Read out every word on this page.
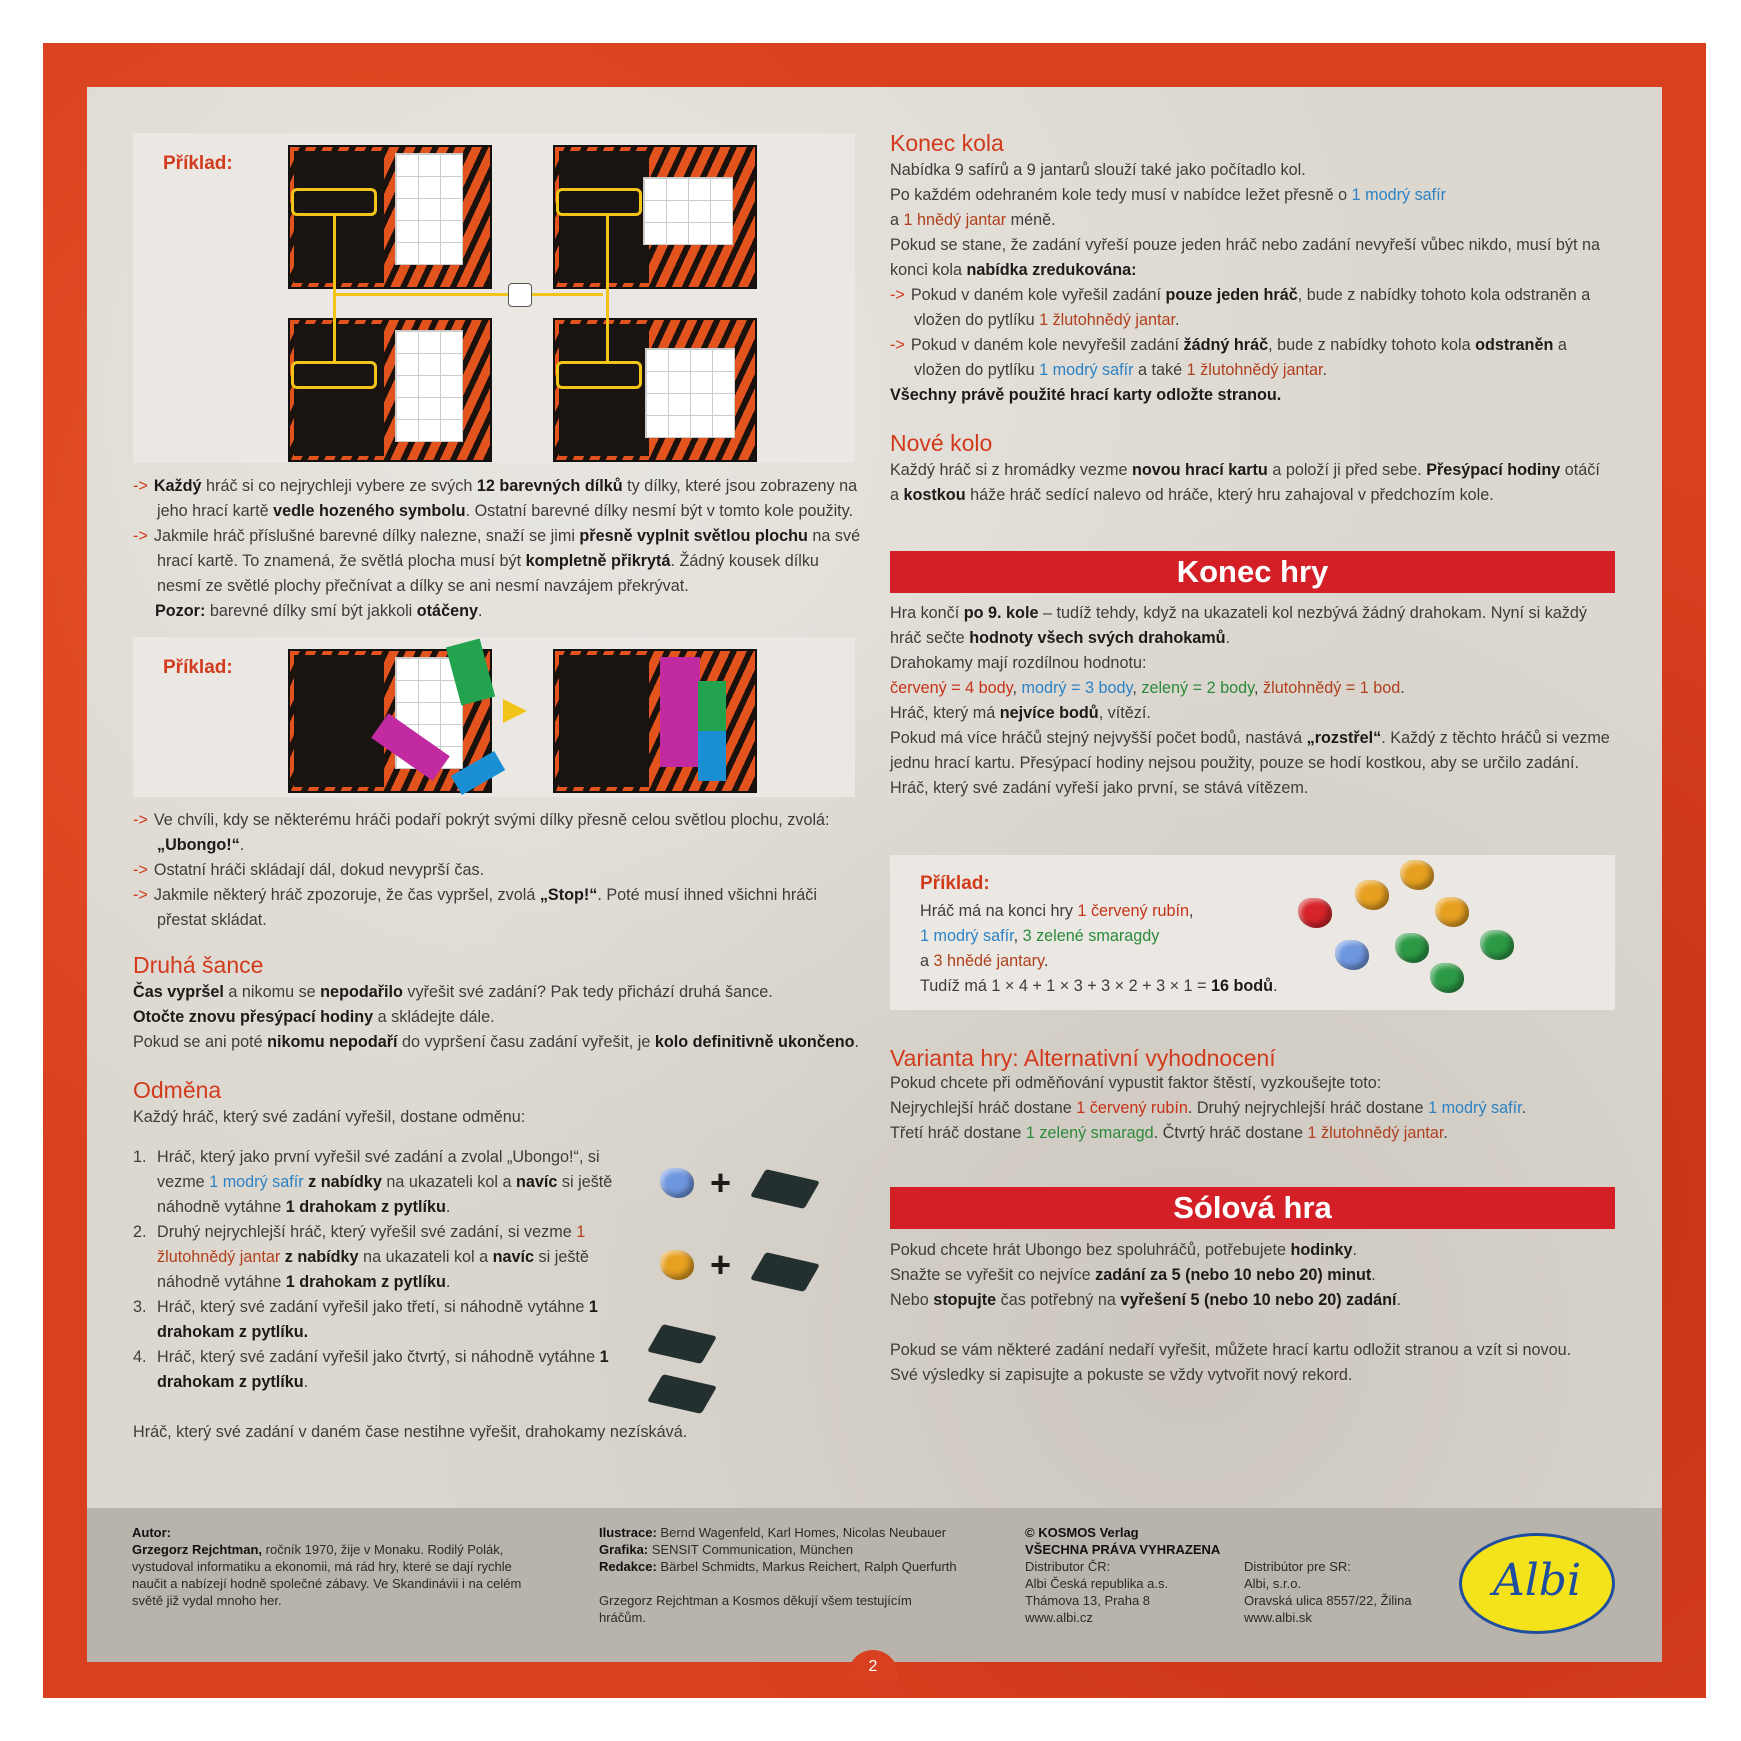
Příklad:
-> Každý hráč si co nejrychleji vybere ze svých 12 barevných dílků ty dílky, které jsou zobrazeny na jeho hrací kartě vedle hozeného symbolu. Ostatní barevné dílky nesmí být v tomto kole použity.
-> Jakmile hráč příslušné barevné dílky nalezne, snaží se jimi přesně vyplnit světlou plochu na své hrací kartě. To znamená, že světlá plocha musí být kompletně přikrytá. Žádný kousek dílku nesmí ze světlé plochy přečnívat a dílky se ani nesmí navzájem překrývat.
Pozor: barevné dílky smí být jakkoli otáčeny.
Příklad:
-> Ve chvíli, kdy se některému hráči podaří pokrýt svými dílky přesně celou světlou plochu, zvolá: „Ubongo!“.
-> Ostatní hráči skládají dál, dokud nevyprší čas.
-> Jakmile některý hráč zpozoruje, že čas vypršel, zvolá „Stop!“. Poté musí ihned všichni hráči přestat skládat.
Druhá šance
Čas vypršel a nikomu se nepodařilo vyřešit své zadání? Pak tedy přichází druhá šance.
Otočte znovu přesýpací hodiny a skládejte dále.
Pokud se ani poté nikomu nepodaří do vypršení času zadání vyřešit, je kolo definitivně ukončeno.
Odměna
Každý hráč, který své zadání vyřešil, dostane odměnu:
1. Hráč, který jako první vyřešil své zadání a zvolal „Ubongo!“, si vezme 1 modrý safír z nabídky na ukazateli kol a navíc si ještě náhodně vytáhne 1 drahokam z pytlíku.
2. Druhý nejrychlejší hráč, který vyřešil své zadání, si vezme 1 žlutohnědý jantar z nabídky na ukazateli kol a navíc si ještě náhodně vytáhne 1 drahokam z pytlíku.
3. Hráč, který své zadání vyřešil jako třetí, si náhodně vytáhne 1 drahokam z pytlíku.
4. Hráč, který své zadání vyřešil jako čtvrtý, si náhodně vytáhne 1 drahokam z pytlíku.
+
+
Hráč, který své zadání v daném čase nestihne vyřešit, drahokamy nezískává.
Konec kola
Nabídka 9 safírů a 9 jantarů slouží také jako počítadlo kol.
Po každém odehraném kole tedy musí v nabídce ležet přesně o 1 modrý safír
a 1 hnědý jantar méně.
Pokud se stane, že zadání vyřeší pouze jeden hráč nebo zadání nevyřeší vůbec nikdo, musí být na konci kola nabídka zredukována:
-> Pokud v daném kole vyřešil zadání pouze jeden hráč, bude z nabídky tohoto kola odstraněn a vložen do pytlíku 1 žlutohnědý jantar.
-> Pokud v daném kole nevyřešil zadání žádný hráč, bude z nabídky tohoto kola odstraněn a vložen do pytlíku 1 modrý safír a také 1 žlutohnědý jantar.
Všechny právě použité hrací karty odložte stranou.
Nové kolo
Každý hráč si z hromádky vezme novou hrací kartu a položí ji před sebe. Přesýpací hodiny otáčí a kostkou háže hráč sedící nalevo od hráče, který hru zahajoval v předchozím kole.
Konec hry
Hra končí po 9. kole – tudíž tehdy, když na ukazateli kol nezbývá žádný drahokam. Nyní si každý hráč sečte hodnoty všech svých drahokamů.
Drahokamy mají rozdílnou hodnotu:
červený = 4 body, modrý = 3 body, zelený = 2 body, žlutohnědý = 1 bod.
Hráč, který má nejvíce bodů, vítězí.
Pokud má více hráčů stejný nejvyšší počet bodů, nastává „rozstřel“. Každý z těchto hráčů si vezme jednu hrací kartu. Přesýpací hodiny nejsou použity, pouze se hodí kostkou, aby se určilo zadání. Hráč, který své zadání vyřeší jako první, se stává vítězem.
Příklad:
Hráč má na konci hry 1 červený rubín,
1 modrý safír, 3 zelené smaragdy
a 3 hnědé jantary.
Tudíž má 1 × 4 + 1 × 3 + 3 × 2 + 3 × 1 = 16 bodů.
Varianta hry: Alternativní vyhodnocení
Pokud chcete při odměňování vypustit faktor štěstí, vyzkoušejte toto:
Nejrychlejší hráč dostane 1 červený rubín. Druhý nejrychlejší hráč dostane 1 modrý safír.
Třetí hráč dostane 1 zelený smaragd. Čtvrtý hráč dostane 1 žlutohnědý jantar.
Sólová hra
Pokud chcete hrát Ubongo bez spoluhráčů, potřebujete hodinky.
Snažte se vyřešit co nejvíce zadání za 5 (nebo 10 nebo 20) minut.
Nebo stopujte čas potřebný na vyřešení 5 (nebo 10 nebo 20) zadání.

Pokud se vám některé zadání nedaří vyřešit, můžete hrací kartu odložit stranou a vzít si novou.
Své výsledky si zapisujte a pokuste se vždy vytvořit nový rekord.
Autor:
Grzegorz Rejchtman, ročník 1970, žije v Monaku. Rodilý Polák, vystudoval informatiku a ekonomii, má rád hry, které se dají rychle naučit a nabízejí hodně společné zábavy. Ve Skandinávii i na celém světě již vydal mnoho her.
Ilustrace: Bernd Wagenfeld, Karl Homes, Nicolas Neubauer
Grafika: SENSIT Communication, München
Redakce: Bärbel Schmidts, Markus Reichert, Ralph Querfurth

Grzegorz Rejchtman a Kosmos děkují všem testujícím hráčům.
© KOSMOS Verlag
VŠECHNA PRÁVA VYHRAZENA
Distributor ČR:
Albi Česká republika a.s.
Thámova 13, Praha 8
www.albi.cz

Distribútor pre SR:
Albi, s.r.o.
Oravská ulica 8557/22, Žilina
www.albi.sk
Albi
2
